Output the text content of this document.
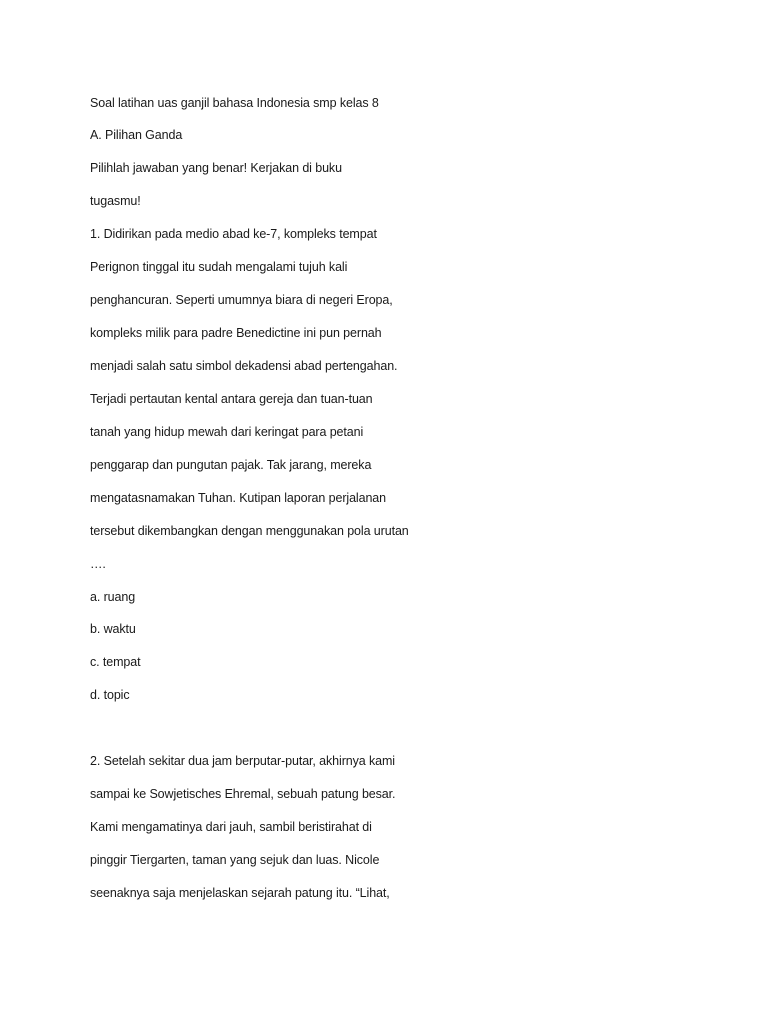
Soal latihan uas ganjil bahasa Indonesia smp kelas 8

A. Pilihan Ganda

Pilihlah jawaban yang benar! Kerjakan di buku

tugasmu!

1. Didirikan pada medio abad ke-7, kompleks tempat

Perignon tinggal itu sudah mengalami tujuh kali

penghancuran. Seperti umumnya biara di negeri Eropa,

kompleks milik para padre Benedictine ini pun pernah

menjadi salah satu simbol dekadensi abad pertengahan.

Terjadi pertautan kental antara gereja dan tuan-tuan

tanah yang hidup mewah dari keringat para petani

penggarap dan pungutan pajak. Tak jarang, mereka

mengatasnamakan Tuhan. Kutipan laporan perjalanan

tersebut dikembangkan dengan menggunakan pola urutan

….

a. ruang

b. waktu

c. tempat

d. topic

2. Setelah sekitar dua jam berputar-putar, akhirnya kami

sampai ke Sowjetisches Ehremal, sebuah patung besar.

Kami mengamatinya dari jauh, sambil beristirahat di

pinggir Tiergarten, taman yang sejuk dan luas. Nicole

seenaknya saja menjelaskan sejarah patung itu. “Lihat,
